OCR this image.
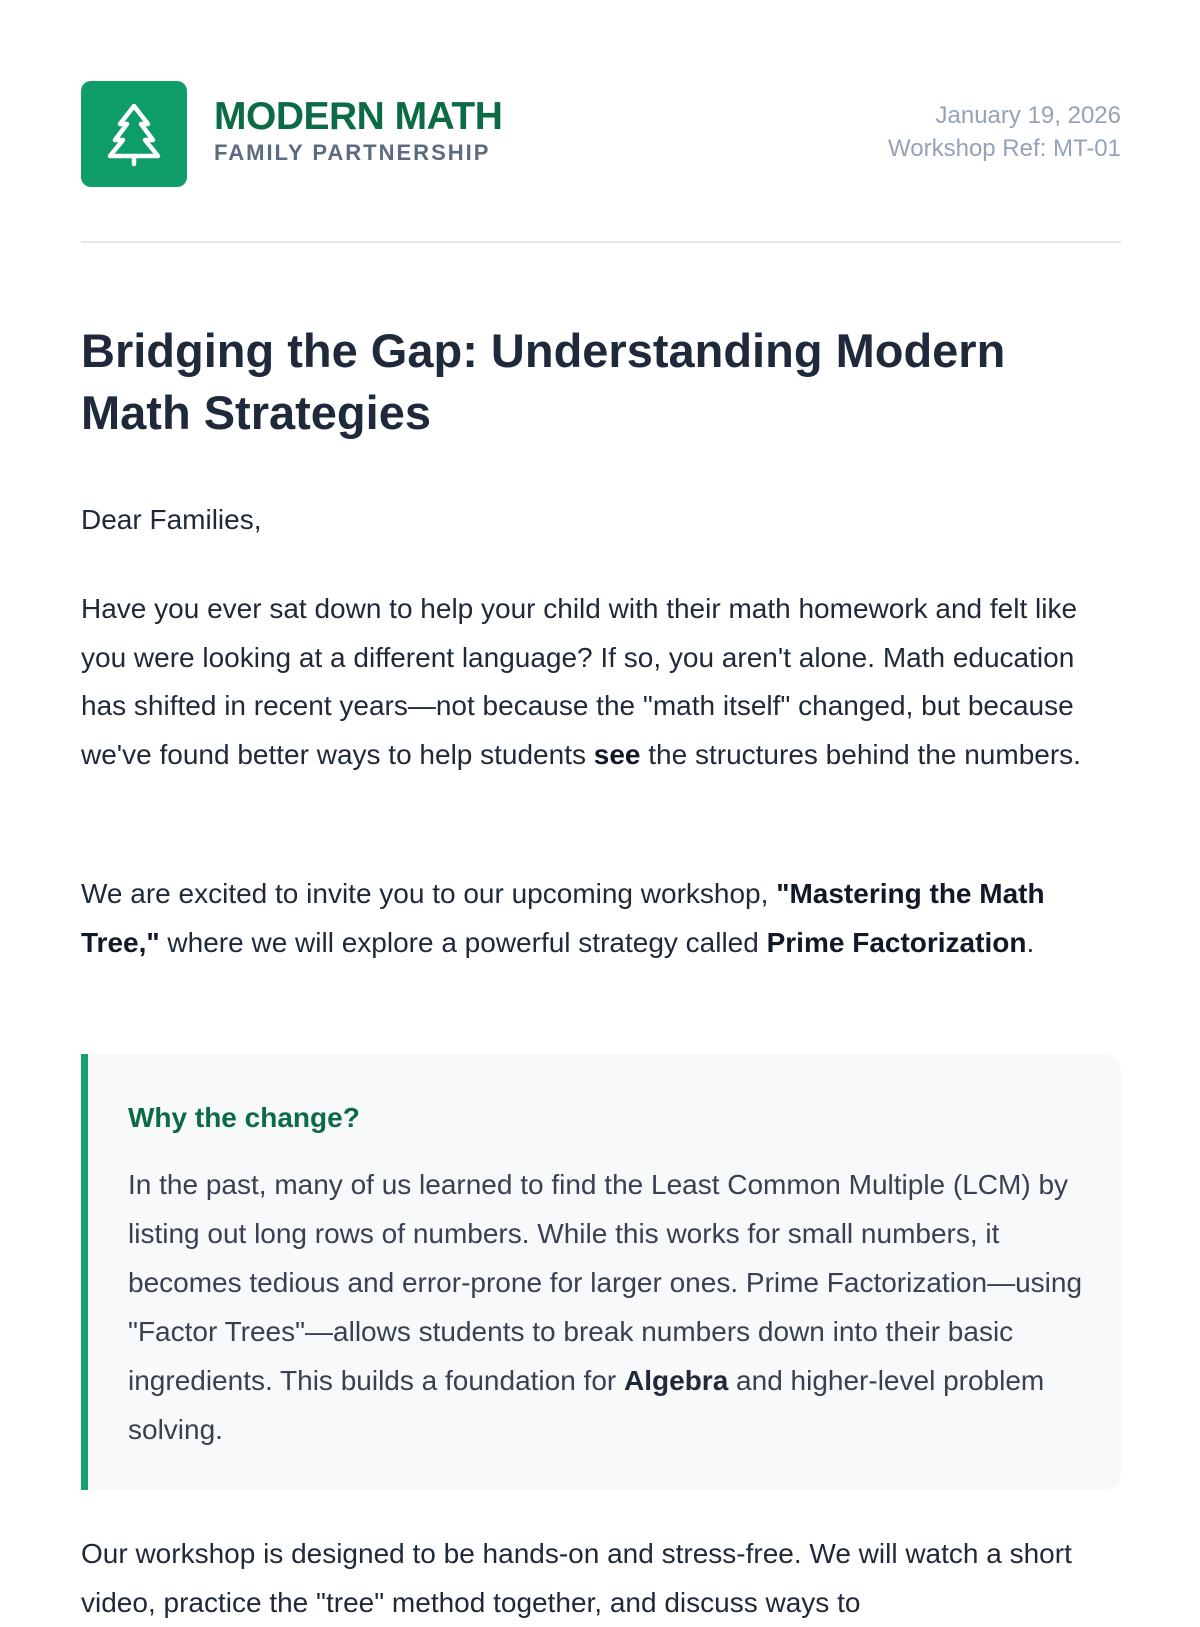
MODERN MATH
FAMILY PARTNERSHIP
January 19, 2026
Workshop Ref: MT-01
Bridging the Gap: Understanding Modern Math Strategies

Dear Families,

Have you ever sat down to help your child with their math homework and felt like you were looking at a different language? If so, you aren't alone. Math education has shifted in recent years—not because the "math itself" changed, but because we've found better ways to help students see the structures behind the numbers.

We are excited to invite you to our upcoming workshop, "Mastering the Math Tree," where we will explore a powerful strategy called Prime Factorization.

Why the change?

In the past, many of us learned to find the Least Common Multiple (LCM) by listing out long rows of numbers. While this works for small numbers, it becomes tedious and error-prone for larger ones. Prime Factorization—using "Factor Trees"—allows students to break numbers down into their basic ingredients. This builds a foundation for Algebra and higher-level problem solving.

Our workshop is designed to be hands-on and stress-free. We will watch a short video, practice the "tree" method together, and discuss ways to
